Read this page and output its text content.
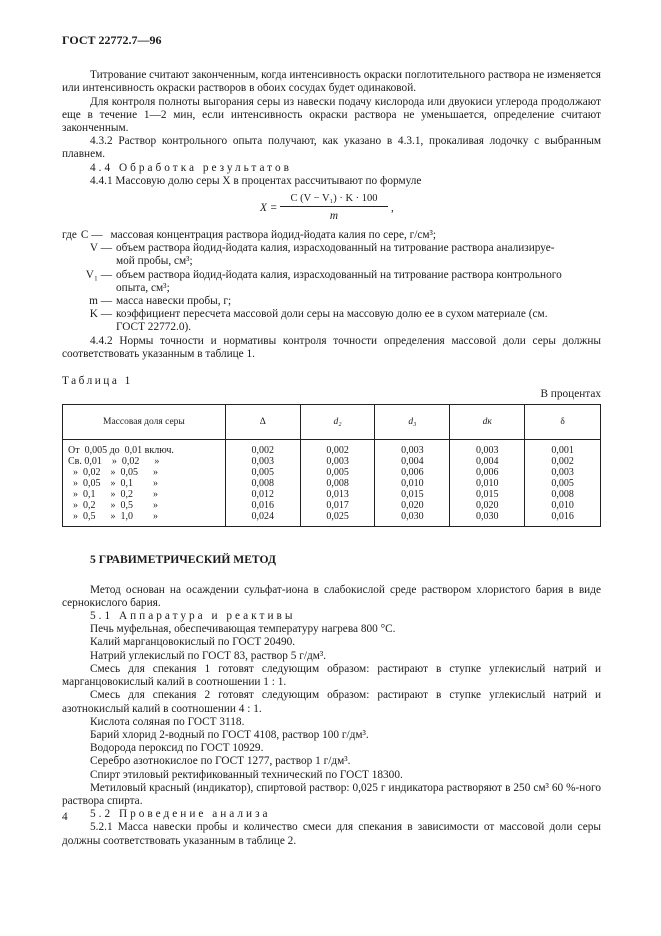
ГОСТ 22772.7—96

Титрование считают законченным, когда интенсивность окраски поглотительного раствора не изменяется или интенсивность окраски растворов в обоих сосудах будет одинаковой.

Для контроля полноты выгорания серы из навески подачу кислорода или двуокиси углерода продолжают еще в течение 1—2 мин, если интенсивность окраски раствора не уменьшается, определение считают законченным.

4.3.2 Раствор контрольного опыта получают, как указано в 4.3.1, прокаливая лодочку с выбранным плавнем.

4.4 Обработка результатов

4.4.1 Массовую долю серы X в процентах рассчитывают по формуле

X =
C (V − V₁) · K · 100
m
,
где C — массовая концентрация раствора йодид-йодата калия по сере, г/см³;
V — объем раствора йодид-йодата калия, израсходованный на титрование раствора анализируе-
мой пробы, см³;
V₁ — объем раствора йодид-йодата калия, израсходованный на титрование раствора контрольного
опыта, см³;
m — масса навески пробы, г;
K — коэффициент пересчета массовой доли серы на массовую долю ее в сухом материале (см.
ГОСТ 22772.0).

4.4.2 Нормы точности и нормативы контроля точности определения массовой доли серы должны соответствовать указанным в таблице 1.

Таблица 1
В процентах
Массовая доля серы	Δ	d₂	d₃	dк	δ
От  0,005 до  0,01 включ.	0,002	0,002	0,003	0,003	0,001
Св. 0,01    »  0,02      »	0,003	0,003	0,004	0,004	0,002
»  0,02    »  0,05      »	0,005	0,005	0,006	0,006	0,003
»  0,05    »  0,1        »	0,008	0,008	0,010	0,010	0,005
»  0,1      »  0,2        »	0,012	0,013	0,015	0,015	0,008
»  0,2      »  0,5        »	0,016	0,017	0,020	0,020	0,010
»  0,5      »  1,0        »	0,024	0,025	0,030	0,030	0,016
5 ГРАВИМЕТРИЧЕСКИЙ МЕТОД

Метод основан на осаждении сульфат-иона в слабокислой среде раствором хлористого бария в виде сернокислого бария.

5.1 Аппаратура и реактивы

Печь муфельная, обеспечивающая температуру нагрева 800 °С.

Калий марганцовокислый по ГОСТ 20490.

Натрий углекислый по ГОСТ 83, раствор 5 г/дм³.

Смесь для спекания 1 готовят следующим образом: растирают в ступке углекислый натрий и марганцовокислый калий в соотношении 1 : 1.

Смесь для спекания 2 готовят следующим образом: растирают в ступке углекислый натрий и азотнокислый калий в соотношении 4 : 1.

Кислота соляная по ГОСТ 3118.

Барий хлорид 2-водный по ГОСТ 4108, раствор 100 г/дм³.

Водорода пероксид по ГОСТ 10929.

Серебро азотнокислое по ГОСТ 1277, раствор 1 г/дм³.

Спирт этиловый ректификованный технический по ГОСТ 18300.

Метиловый красный (индикатор), спиртовой раствор: 0,025 г индикатора растворяют в 250 см³ 60 %-ного раствора спирта.

5.2 Проведение анализа

5.2.1 Масса навески пробы и количество смеси для спекания в зависимости от массовой доли серы должны соответствовать указанным в таблице 2.

4
